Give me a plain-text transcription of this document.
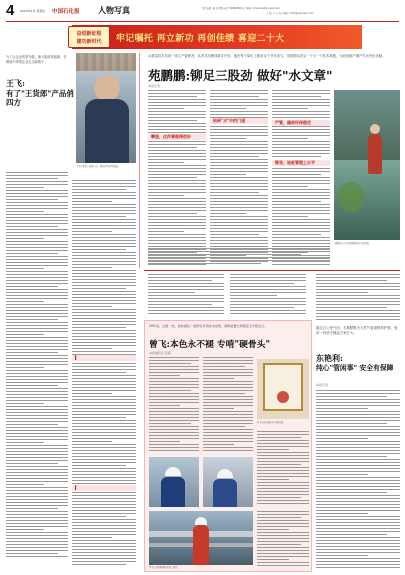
4 2023年4月 星期五 中国石化报 人物写真	责任编辑: 杨 佳 联系电话: 59962566 电子邮箱: rbrw.sino@sinopec.com
美 编: 李 力 电子邮箱: hhr@pe.sinopec.com
奋进新征程
建功新时代	牢记嘱托 再立新功 再创佳绩 喜迎二十大
为了让企业转型升级，他大胆改革创新，在困境中带领企业走出新路子。
王飞:
有了"王货郎"产品俏四方
王飞带领员工研发产品，推动企业转型发展。
▍
▍
从基层技术员到一线生产管理者，从老井治理到新井开发，他在每个岗位上都用实干书写担当，带领团队攻克一个又一个技术难题，为油田稳产增产作出突出贡献。
苑鹏鹏:铆足三股劲 做好"水文章"
本报记者
攀登，这件事做得很好
钻研"水"中的门道
铆劲，追赶管理上水平
严管，确保环保稳定
苑鹏鹏在污水处理现场检查水质情况。
越过百公里气田，长期默默为天然气管道保驾护航，他用一份坚守撑起万家灯火。
东艳利:
纯心"管闲事" 安全有保障
本报记者
20年间，扎根一线，他和团队一起研发多项技术成果，保障装置长周期安全平稳运行。
曾飞:本色永不褪 专啃"硬骨头"
本报通讯员 张超
曾飞荣获的部分证书和奖牌。
曾飞在装置现场指导员工操作。
